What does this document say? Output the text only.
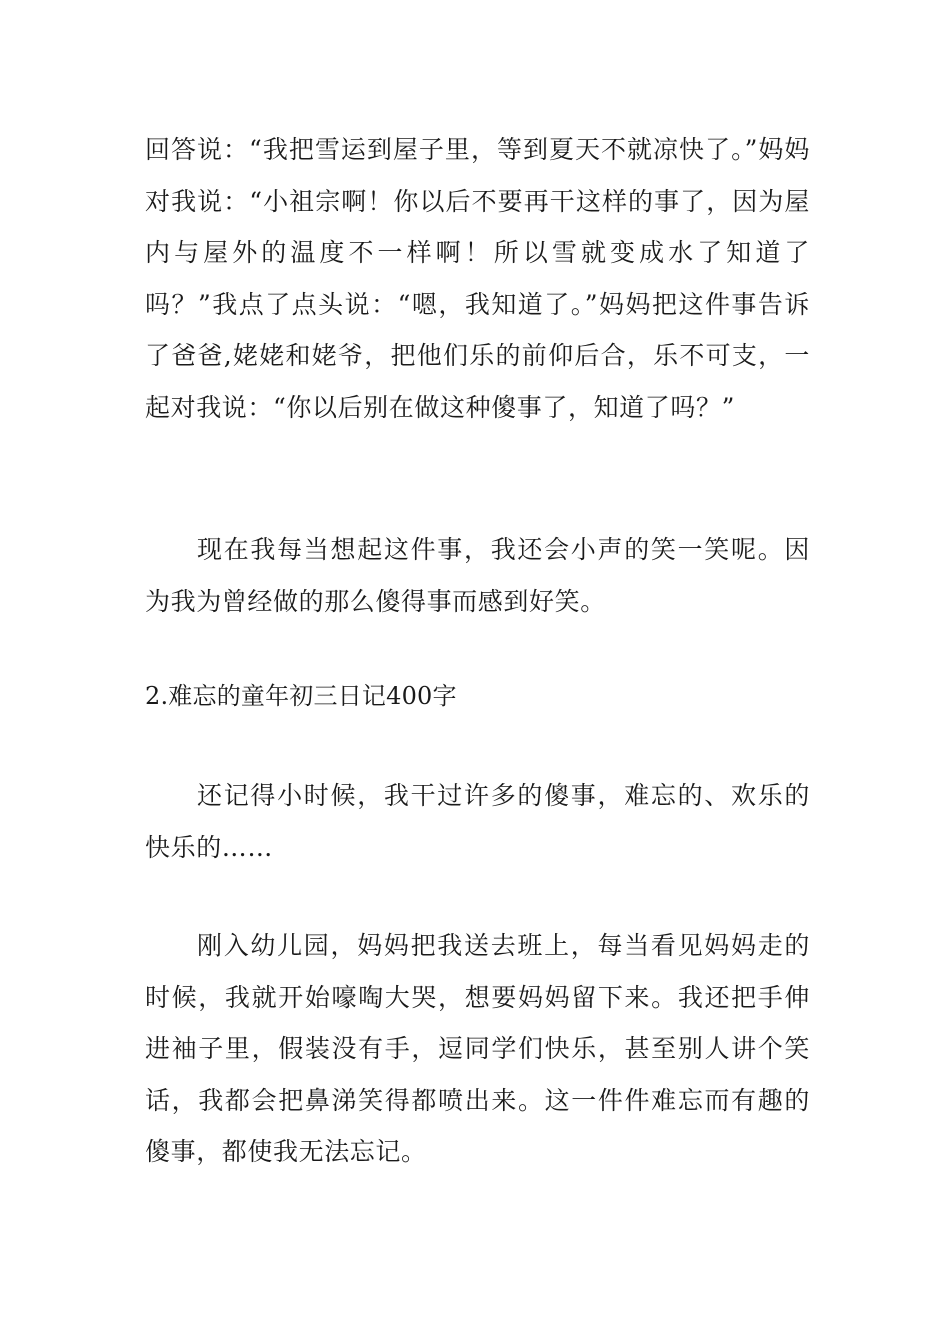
回答说：“我把雪运到屋子里，等到夏天不就凉快了。”妈妈对我说：“小祖宗啊！你以后不要再干这样的事了，因为屋内与屋外的温度不一样啊！所以雪就变成水了知道了吗？”我点了点头说：“嗯，我知道了。”妈妈把这件事告诉了爸爸,姥姥和姥爷，把他们乐的前仰后合，乐不可支，一起对我说：“你以后别在做这种傻事了，知道了吗？”

现在我每当想起这件事，我还会小声的笑一笑呢。因为我为曾经做的那么傻得事而感到好笑。

2.难忘的童年初三日记400字

还记得小时候，我干过许多的傻事，难忘的、欢乐的快乐的……

刚入幼儿园，妈妈把我送去班上，每当看见妈妈走的时候，我就开始嚎啕大哭，想要妈妈留下来。我还把手伸进袖子里，假装没有手，逗同学们快乐，甚至别人讲个笑话，我都会把鼻涕笑得都喷出来。这一件件难忘而有趣的傻事，都使我无法忘记。
